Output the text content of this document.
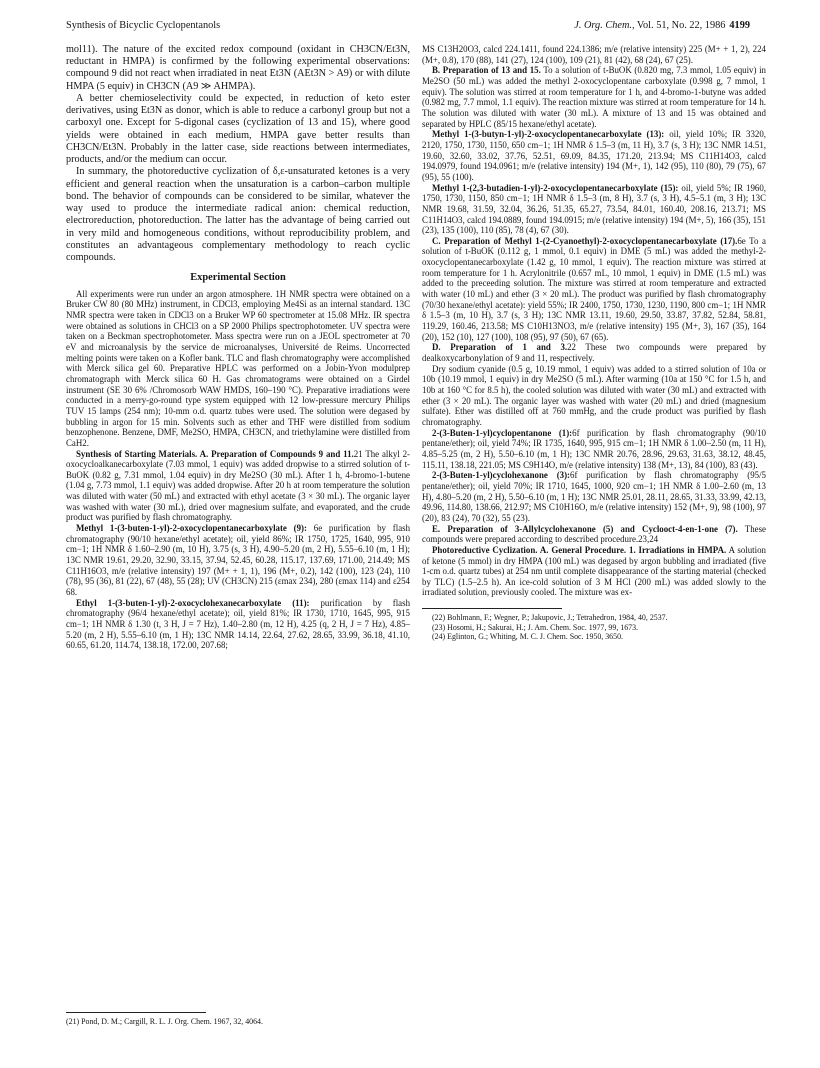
Synthesis of Bicyclic Cyclopentanols	J. Org. Chem., Vol. 51, No. 22, 1986 4199

mol11). The nature of the excited redox compound (oxidant in CH3CN/Et3N, reductant in HMPA) is confirmed by the following experimental observations: compound 9 did not react when irradiated in neat Et3N (AEt3N > A9) or with dilute HMPA (5 equiv) in CH3CN (A9 ≫ AHMPA).

A better chemioselectivity could be expected, in reduction of keto ester derivatives, using Et3N as donor, which is able to reduce a carbonyl group but not a carboxyl one. Except for 5-digonal cases (cyclization of 13 and 15), where good yields were obtained in each medium, HMPA gave better results than CH3CN/Et3N. Probably in the latter case, side reactions between intermediates, products, and/or the medium can occur.

In summary, the photoreductive cyclization of δ,ε-unsaturated ketones is a very efficient and general reaction when the unsaturation is a carbon–carbon multiple bond. The behavior of compounds can be considered to be similar, whatever the way used to produce the intermediate radical anion: chemical reduction, electroreduction, photoreduction. The latter has the advantage of being carried out in very mild and homogeneous conditions, without reproducibility problem, and constitutes an advantageous complementary methodology to reach cyclic compounds.

Experimental Section

All experiments were run under an argon atmosphere. 1H NMR spectra were obtained on a Bruker CW 80 (80 MHz) instrument, in CDCl3, employing Me4Si as an internal standard. 13C NMR spectra were taken in CDCl3 on a Bruker WP 60 spectrometer at 15.08 MHz. IR spectra were obtained as solutions in CHCl3 on a SP 2000 Philips spectrophotometer. UV spectra were taken on a Beckman spectrophotometer. Mass spectra were run on a JEOL spectrometer at 70 eV and microanalysis by the service de microanalyses, Université de Reims. Uncorrected melting points were taken on a Kofler bank. TLC and flash chromatography were accomplished with Merck silica gel 60. Preparative HPLC was performed on a Jobin-Yvon modulprep chromatograph with Merck silica 60 H. Gas chromatograms were obtained on a Girdel instrument (SE 30 6% /Chromosorb WAW HMDS, 160–190 °C). Preparative irradiations were conducted in a merry-go-round type system equipped with 12 low-pressure mercury Philips TUV 15 lamps (254 nm); 10-mm o.d. quartz tubes were used. The solution were degased by bubbling in argon for 15 min. Solvents such as ether and THF were distilled from sodium benzophenone. Benzene, DMF, Me2SO, HMPA, CH3CN, and triethylamine were distilled from CaH2.

Synthesis of Starting Materials. A. Preparation of Compounds 9 and 11.21 The alkyl 2-oxocycloalkanecarboxylate (7.03 mmol, 1 equiv) was added dropwise to a stirred solution of t-BuOK (0.82 g, 7.31 mmol, 1.04 equiv) in dry Me2SO (30 mL). After 1 h, 4-bromo-1-butene (1.04 g, 7.73 mmol, 1.1 equiv) was added dropwise. After 20 h at room temperature the solution was diluted with water (50 mL) and extracted with ethyl acetate (3 × 30 mL). The organic layer was washed with water (30 mL), dried over magnesium sulfate, and evaporated, and the crude product was purified by flash chromatography.

Methyl 1-(3-buten-1-yl)-2-oxocyclopentanecarboxylate (9): 6e purification by flash chromatography (90/10 hexane/ethyl acetate); oil, yield 86%; IR 1750, 1725, 1640, 995, 910 cm−1; 1H NMR δ 1.60–2.90 (m, 10 H), 3.75 (s, 3 H), 4.90–5.20 (m, 2 H), 5.55–6.10 (m, 1 H); 13C NMR 19.61, 29.20, 32.90, 33.15, 37.94, 52.45, 60.28, 115.17, 137.69, 171.00, 214.49; MS C11H16O3, m/e (relative intensity) 197 (M+ + 1, 1), 196 (M+, 0.2), 142 (100), 123 (24), 110 (78), 95 (36), 81 (22), 67 (48), 55 (28); UV (CH3CN) 215 (εmax 234), 280 (εmax 114) and ε254 68.

Ethyl 1-(3-buten-1-yl)-2-oxocyclohexanecarboxylate (11): purification by flash chromatography (96/4 hexane/ethyl acetate); oil, yield 81%; IR 1730, 1710, 1645, 995, 915 cm−1; 1H NMR δ 1.30 (t, 3 H, J = 7 Hz), 1.40–2.80 (m, 12 H), 4.25 (q, 2 H, J = 7 Hz), 4.85–5.20 (m, 2 H), 5.55–6.10 (m, 1 H); 13C NMR 14.14, 22.64, 27.62, 28.65, 33.99, 36.18, 41.10, 60.65, 61.20, 114.74, 138.18, 172.00, 207.68;

(21) Pond, D. M.; Cargill, R. L. J. Org. Chem. 1967, 32, 4064.

MS C13H20O3, calcd 224.1411, found 224.1386; m/e (relative intensity) 225 (M+ + 1, 2), 224 (M+, 0.8), 170 (88), 141 (27), 124 (100), 109 (21), 81 (42), 68 (24), 67 (25).

B. Preparation of 13 and 15. To a solution of t-BuOK (0.820 mg, 7.3 mmol, 1.05 equiv) in Me2SO (50 mL) was added the methyl 2-oxocyclopentane carboxylate (0.998 g, 7 mmol, 1 equiv). The solution was stirred at room temperature for 1 h, and 4-bromo-1-butyne was added (0.982 mg, 7.7 mmol, 1.1 equiv). The reaction mixture was stirred at room temperature for 14 h. The solution was diluted with water (30 mL). A mixture of 13 and 15 was obtained and separated by HPLC (85/15 hexane/ethyl acetate).

Methyl 1-(3-butyn-1-yl)-2-oxocyclopentanecarboxylate (13): oil, yield 10%; IR 3320, 2120, 1750, 1730, 1150, 650 cm−1; 1H NMR δ 1.5–3 (m, 11 H), 3.7 (s, 3 H); 13C NMR 14.51, 19.60, 32.60, 33.02, 37.76, 52.51, 69.09, 84.35, 171.20, 213.94; MS C11H14O3, calcd 194.0979, found 194.0961; m/e (relative intensity) 194 (M+, 1), 142 (95), 110 (80), 79 (75), 67 (95), 55 (100).

Methyl 1-(2,3-butadien-1-yl)-2-oxocyclopentanecarboxylate (15): oil, yield 5%; IR 1960, 1750, 1730, 1150, 850 cm−1; 1H NMR δ 1.5–3 (m, 8 H), 3.7 (s, 3 H), 4.5–5.1 (m, 3 H); 13C NMR 19.68, 31.59, 32.04, 36.26, 51.35, 65.27, 73.54, 84.01, 160.40, 208.16, 213.71; MS C11H14O3, calcd 194.0889, found 194.0915; m/e (relative intensity) 194 (M+, 5), 166 (35), 151 (23), 135 (100), 110 (85), 78 (4), 67 (30).

C. Preparation of Methyl 1-(2-Cyanoethyl)-2-oxocyclopentanecarboxylate (17).6e To a solution of t-BuOK (0.112 g, 1 mmol, 0.1 equiv) in DME (5 mL) was added the methyl-2-oxocyclopentanecarboxylate (1.42 g, 10 mmol, 1 equiv). The reaction mixture was stirred at room temperature for 1 h. Acrylonitrile (0.657 mL, 10 mmol, 1 equiv) in DME (1.5 mL) was added to the preceeding solution. The mixture was stirred at room temperature and extracted with water (10 mL) and ether (3 × 20 mL). The product was purified by flash chromatography (70/30 hexane/ethyl acetate): yield 55%; IR 2400, 1750, 1730, 1230, 1190, 800 cm−1; 1H NMR δ 1.5–3 (m, 10 H), 3.7 (s, 3 H); 13C NMR 13.11, 19.60, 29.50, 33.87, 37.82, 52.84, 58.81, 119.29, 160.46, 213.58; MS C10H13NO3, m/e (relative intensity) 195 (M+, 3), 167 (35), 164 (20), 152 (10), 127 (100), 108 (95), 97 (50), 67 (65).

D. Preparation of 1 and 3.22 These two compounds were prepared by dealkoxycarbonylation of 9 and 11, respectively.

Dry sodium cyanide (0.5 g, 10.19 mmol, 1 equiv) was added to a stirred solution of 10a or 10b (10.19 mmol, 1 equiv) in dry Me2SO (5 mL). After warming (10a at 150 °C for 1.5 h, and 10b at 160 °C for 8.5 h), the cooled solution was diluted with water (30 mL) and extracted with ether (3 × 20 mL). The organic layer was washed with water (20 mL) and dried (magnesium sulfate). Ether was distilled off at 760 mmHg, and the crude product was purified by flash chromatography.

2-(3-Buten-1-yl)cyclopentanone (1):6f purification by flash chromatography (90/10 pentane/ether); oil, yield 74%; IR 1735, 1640, 995, 915 cm−1; 1H NMR δ 1.00–2.50 (m, 11 H), 4.85–5.25 (m, 2 H), 5.50–6.10 (m, 1 H); 13C NMR 20.76, 28.96, 29.63, 31.63, 38.12, 48.45, 115.11, 138.18, 221.05; MS C9H14O, m/e (relative intensity) 138 (M+, 13), 84 (100), 83 (43).

2-(3-Buten-1-yl)cyclohexanone (3):6f purification by flash chromatography (95/5 pentane/ether); oil, yield 70%; IR 1710, 1645, 1000, 920 cm−1; 1H NMR δ 1.00–2.60 (m, 13 H), 4.80–5.20 (m, 2 H), 5.50–6.10 (m, 1 H); 13C NMR 25.01, 28.11, 28.65, 31.33, 33.99, 42.13, 49.96, 114.80, 138.66, 212.97; MS C10H16O, m/e (relative intensity) 152 (M+, 9), 98 (100), 97 (20), 83 (24), 70 (32), 55 (23).

E. Preparation of 3-Allylcyclohexanone (5) and Cyclooct-4-en-1-one (7). These compounds were prepared according to described procedure.23,24

Photoreductive Cyclization. A. General Procedure. 1. Irradiations in HMPA. A solution of ketone (5 mmol) in dry HMPA (100 mL) was degased by argon bubbling and irradiated (five 1-cm o.d. quartz tubes) at 254 nm until complete disappearance of the starting material (checked by TLC) (1.5–2.5 h). An ice-cold solution of 3 M HCl (200 mL) was added slowly to the irradiated solution, previously cooled. The mixture was ex-

(22) Bohlmann, F.; Wegner, P.; Jakupovic, J.; Tetrahedron, 1984, 40, 2537.

(23) Hosomi, H.; Sakurai, H.; J. Am. Chem. Soc. 1977, 99, 1673.

(24) Eglinton, G.; Whiting, M. C. J. Chem. Soc. 1950, 3650.
